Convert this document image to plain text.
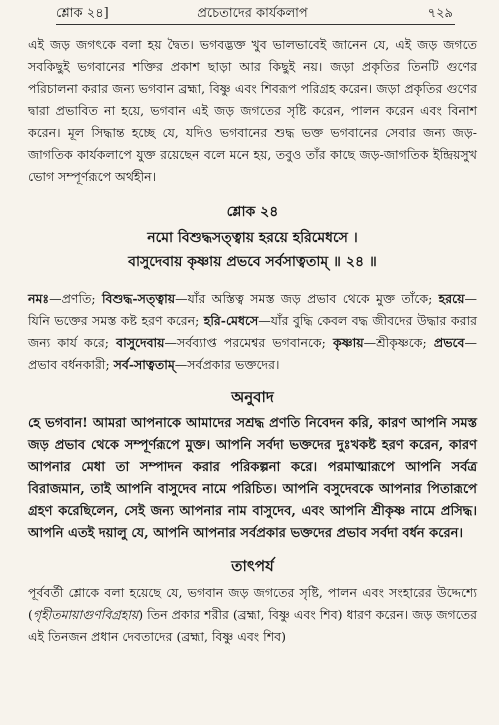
শ্লোক ২৪]	প্রচেতাদের কার্যকলাপ	৭২৯

এই জড় জগৎকে বলা হয় দ্বৈত। ভগবদ্ভক্ত খুব ভালভাবেই জানেন যে, এই জড় জগতে সবকিছুই ভগবানের শক্তির প্রকাশ ছাড়া আর কিছুই নয়। জড়া প্রকৃতির তিনটি গুণের পরিচালনা করার জন্য ভগবান ব্রহ্মা, বিষ্ণু এবং শিবরূপ পরিগ্রহ করেন। জড়া প্রকৃতির গুণের দ্বারা প্রভাবিত না হয়ে, ভগবান এই জড় জগতের সৃষ্টি করেন, পালন করেন এবং বিনাশ করেন। মূল সিদ্ধান্ত হচ্ছে যে, যদিও ভগবানের শুদ্ধ ভক্ত ভগবানের সেবার জন্য জড়-জাগতিক কার্যকলাপে যুক্ত রয়েছেন বলে মনে হয়, তবুও তাঁর কাছে জড়-জাগতিক ইন্দ্রিয়সুখ ভোগ সম্পূর্ণরূপে অর্থহীন।

শ্লোক ২৪
নমো বিশুদ্ধসত্ত্বায় হরয়ে হরিমেধসে ।
বাসুদেবায় কৃষ্ণায় প্রভবে সর্বসাত্বতাম্ ॥ ২৪ ॥

নমঃ—প্রণতি; বিশুদ্ধ-সত্ত্বায়—যাঁর অস্তিত্ব সমস্ত জড় প্রভাব থেকে মুক্ত তাঁকে; হরয়ে—যিনি ভক্তের সমস্ত কষ্ট হরণ করেন; হরি-মেধসে—যাঁর বুদ্ধি কেবল বদ্ধ জীবদের উদ্ধার করার জন্য কার্য করে; বাসুদেবায়—সর্বব্যাপ্ত পরমেশ্বর ভগবানকে; কৃষ্ণায়—শ্রীকৃষ্ণকে; প্রভবে—প্রভাব বর্ধনকারী; সর্ব-সাত্বতাম্—সর্বপ্রকার ভক্তদের।

অনুবাদ

হে ভগবান! আমরা আপনাকে আমাদের সশ্রদ্ধ প্রণতি নিবেদন করি, কারণ আপনি সমস্ত জড় প্রভাব থেকে সম্পূর্ণরূপে মুক্ত। আপনি সর্বদা ভক্তদের দুঃখকষ্ট হরণ করেন, কারণ আপনার মেধা তা সম্পাদন করার পরিকল্পনা করে। পরমাত্মারূপে আপনি সর্বত্র বিরাজমান, তাই আপনি বাসুদেব নামে পরিচিত। আপনি বসুদেবকে আপনার পিতারূপে গ্রহণ করেছিলেন, সেই জন্য আপনার নাম বাসুদেব, এবং আপনি শ্রীকৃষ্ণ নামে প্রসিদ্ধ। আপনি এতই দয়ালু যে, আপনি আপনার সর্বপ্রকার ভক্তদের প্রভাব সর্বদা বর্ধন করেন।

তাৎপর্য

পূর্ববর্তী শ্লোকে বলা হয়েছে যে, ভগবান জড় জগতের সৃষ্টি, পালন এবং সংহারের উদ্দেশ্যে (গৃহীতমায়াগুণবিগ্রহায়) তিন প্রকার শরীর (ব্রহ্মা, বিষ্ণু এবং শিব) ধারণ করেন। জড় জগতের এই তিনজন প্রধান দেবতাদের (ব্রহ্মা, বিষ্ণু এবং শিব)
